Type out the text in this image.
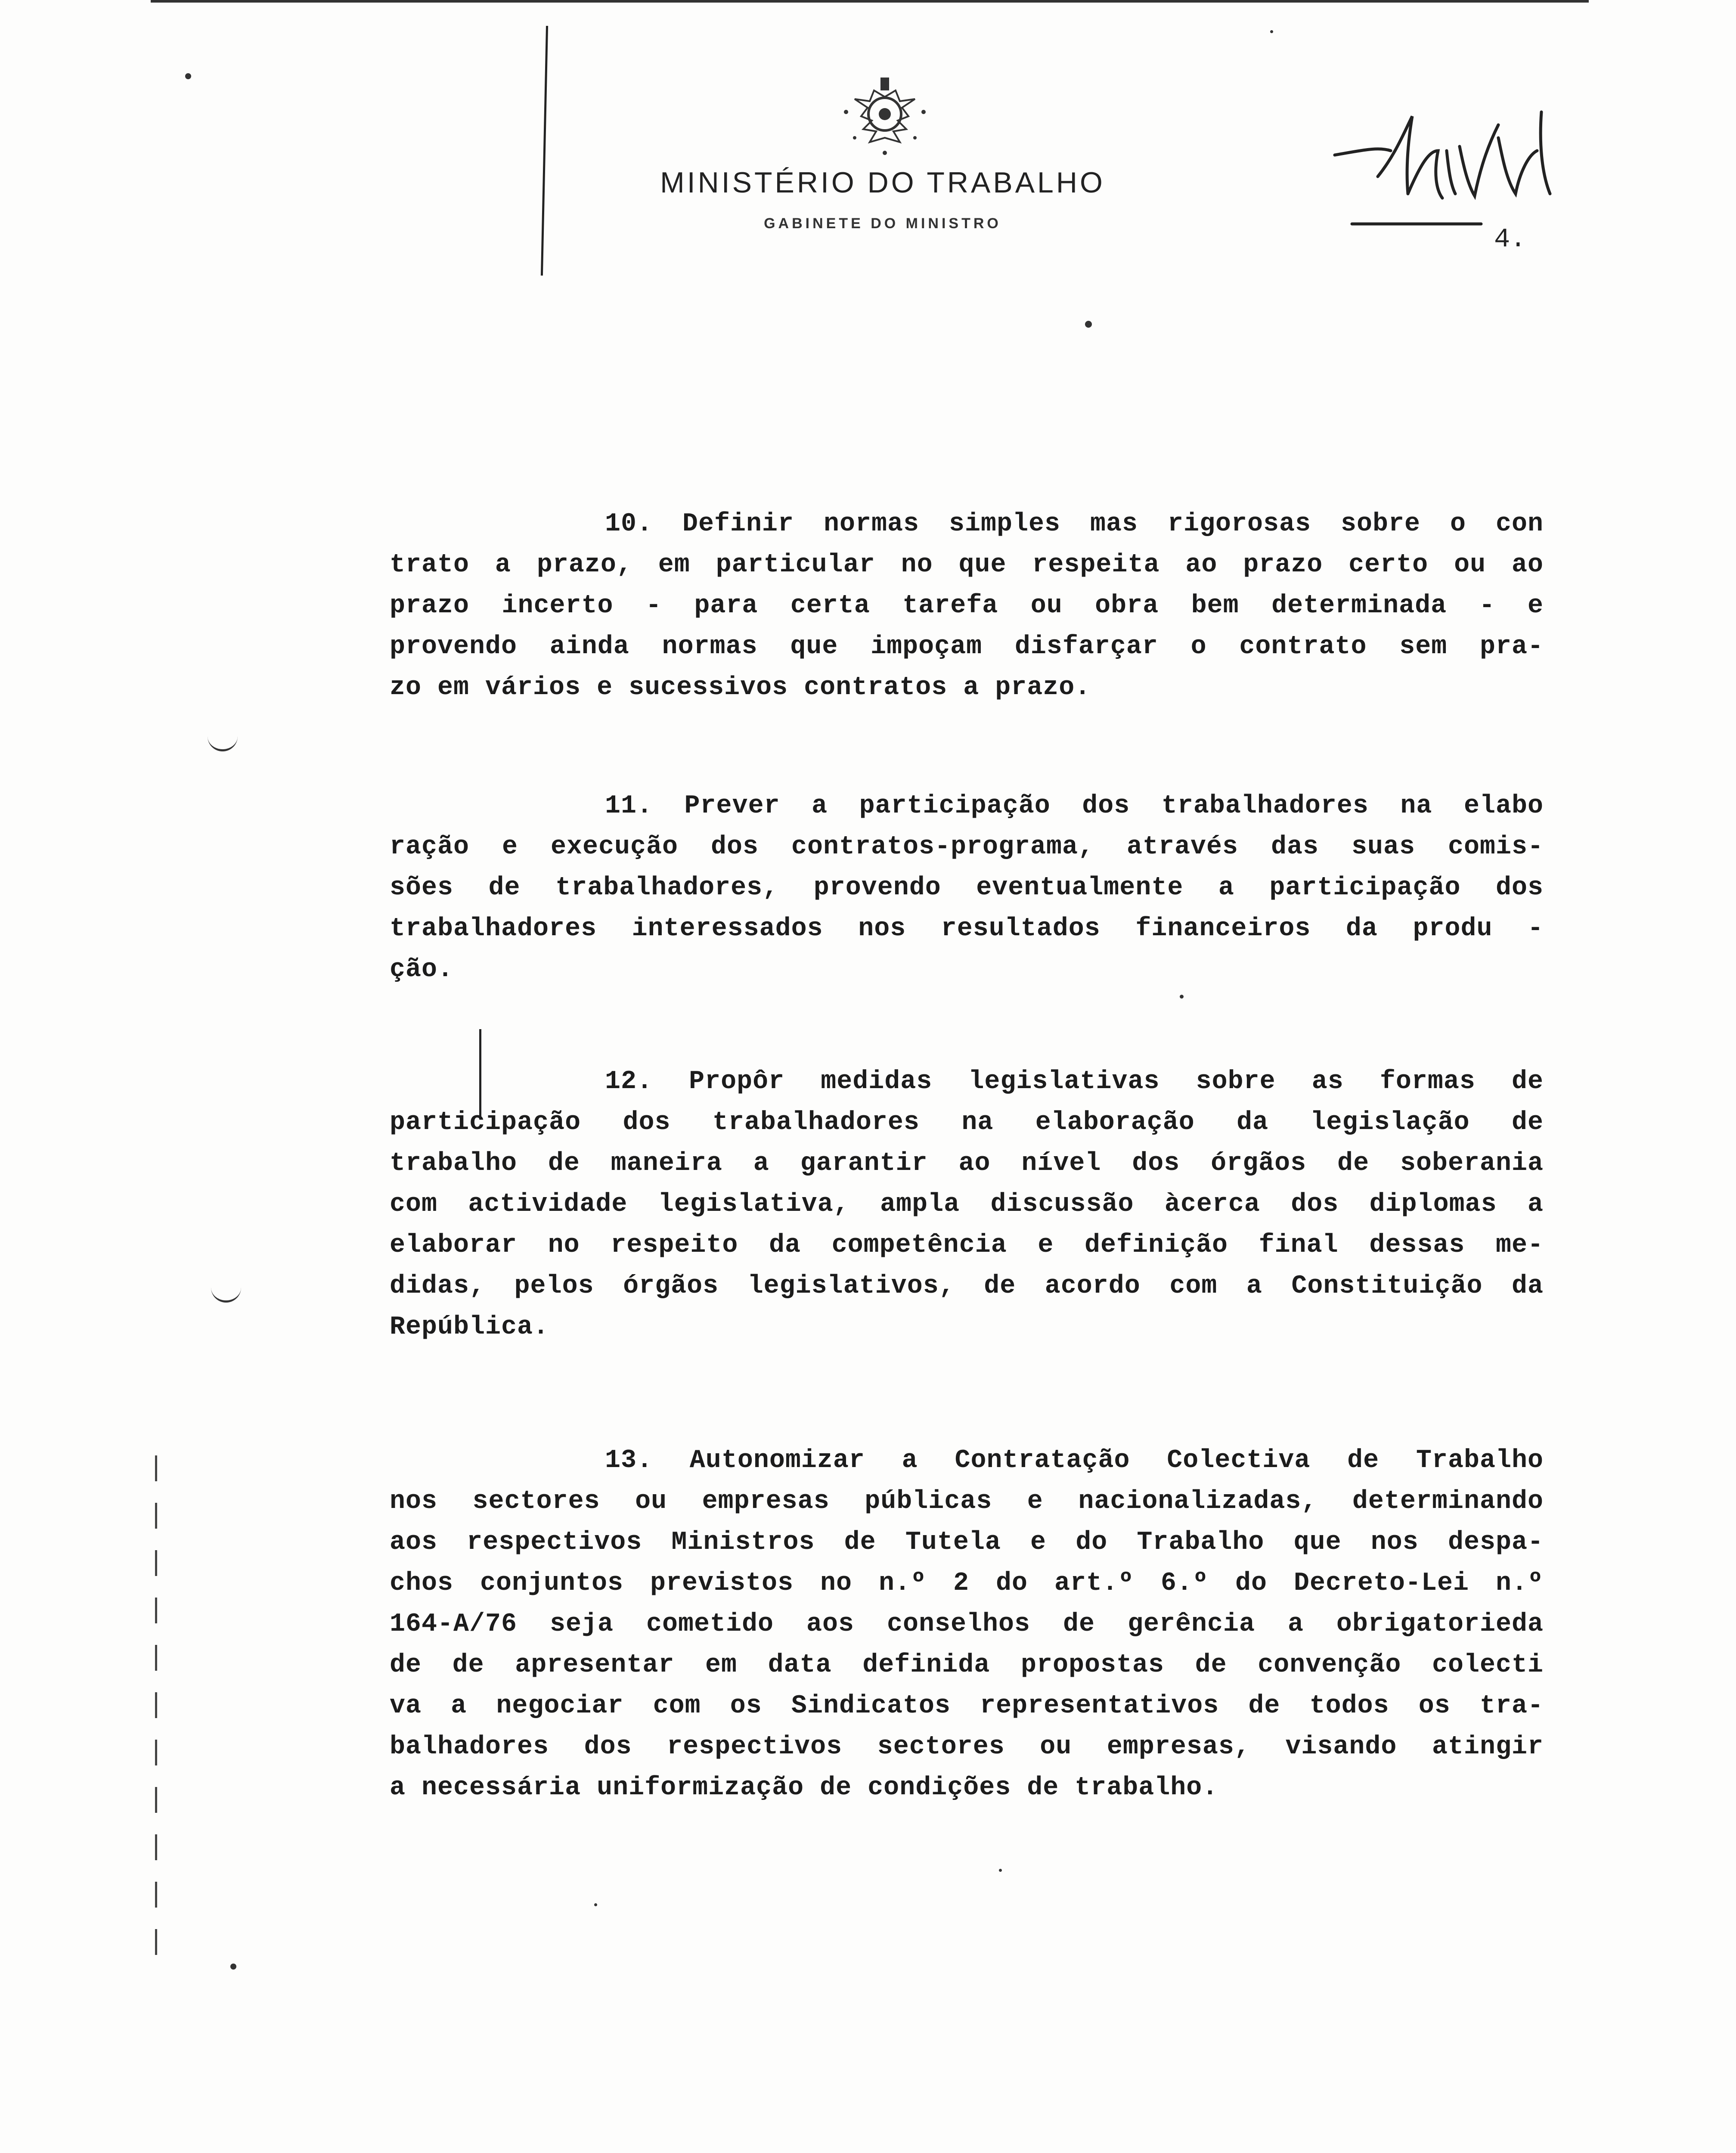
MINISTÉRIO DO TRABALHO
GABINETE DO MINISTRO
4.
10. Definir normas simples mas rigorosas sobre o con
trato a prazo, em particular no que respeita ao prazo certo ou ao
prazo incerto - para certa tarefa ou obra bem determinada - e
provendo ainda normas que impoçam disfarçar o contrato sem pra-
zo em vários e sucessivos contratos a prazo.
11. Prever a participação dos trabalhadores na elabo
ração e execução dos contratos-programa, através das suas comis-
sões de trabalhadores, provendo eventualmente a participação dos
trabalhadores interessados nos resultados financeiros da produ -
ção.
12. Propôr medidas legislativas sobre as formas de
participação dos trabalhadores na elaboração da legislação de
trabalho de maneira a garantir ao nível dos órgãos de soberania
com actividade legislativa, ampla discussão àcerca dos diplomas a
elaborar no respeito da competência e definição final dessas me-
didas, pelos órgãos legislativos, de acordo com a Constituição da
República.
13. Autonomizar a Contratação Colectiva de Trabalho
nos sectores ou empresas públicas e nacionalizadas, determinando
aos respectivos Ministros de Tutela e do Trabalho que nos despa-
chos conjuntos previstos no n.º 2 do art.º 6.º do Decreto-Lei n.º
164-A/76 seja cometido aos conselhos de gerência a obrigatorieda
de de apresentar em data definida propostas de convenção colecti
va a negociar com os Sindicatos representativos de todos os tra-
balhadores dos respectivos sectores ou empresas, visando atingir
a necessária uniformização de condições de trabalho.
